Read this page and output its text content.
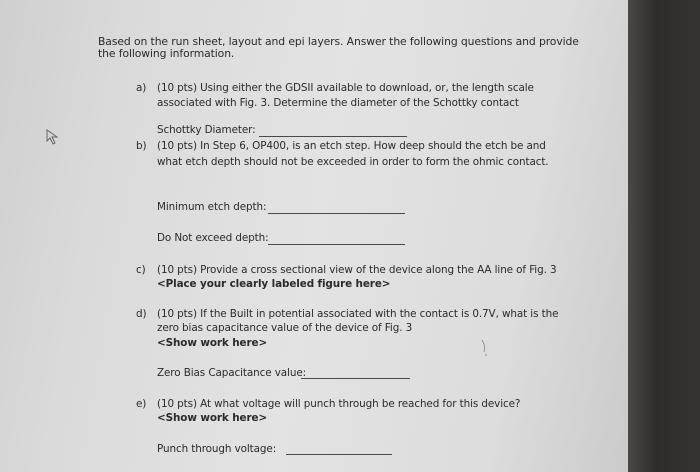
Based on the run sheet, layout and epi layers. Answer the following questions and provide
the following information.
a) (10 pts) Using either the GDSII available to download, or, the length scale
associated with Fig. 3. Determine the diameter of the Schottky contact
Schottky Diameter:
b) (10 pts) In Step 6, OP400, is an etch step. How deep should the etch be and
what etch depth should not be exceeded in order to form the ohmic contact.
Minimum etch depth:
Do Not exceed depth:
c) (10 pts) Provide a cross sectional view of the device along the AA line of Fig. 3
<Place your clearly labeled figure here>
d) (10 pts) If the Built in potential associated with the contact is 0.7V, what is the
zero bias capacitance value of the device of Fig. 3
<Show work here>
Zero Bias Capacitance value:
e) (10 pts) At what voltage will punch through be reached for this device?
<Show work here>
Punch through voltage:
